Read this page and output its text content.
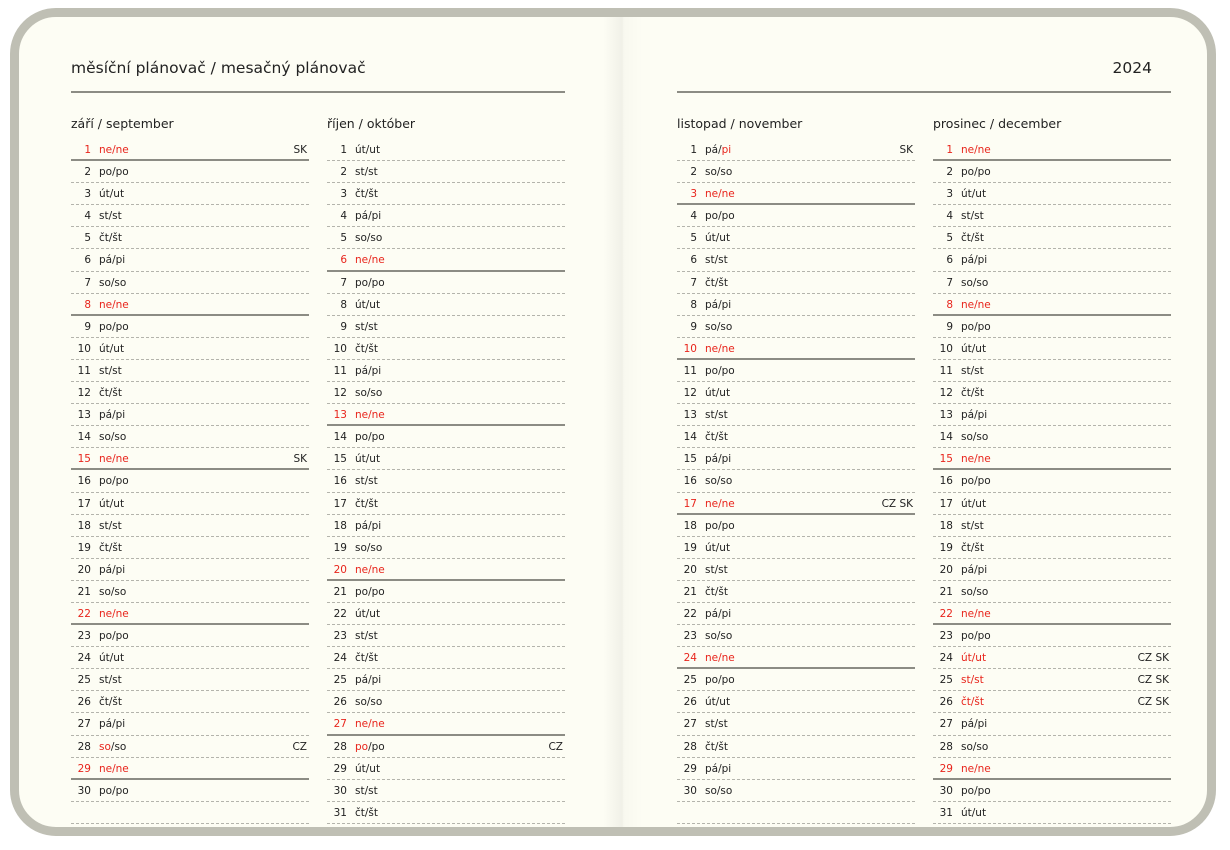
měsíční plánovač / mesačný plánovač	2024
září / september
1 ne/ne	SK
2 po/po
3 út/ut
4 st/st
5 čt/št
6 pá/pi
7 so/so
8 ne/ne
9 po/po
10 út/ut
11 st/st
12 čt/št
13 pá/pi
14 so/so
15 ne/ne	SK
16 po/po
17 út/ut
18 st/st
19 čt/št
20 pá/pi
21 so/so
22 ne/ne
23 po/po
24 út/ut
25 st/st
26 čt/št
27 pá/pi
28 so/so	CZ
29 ne/ne
30 po/po
říjen / október
1 út/ut
2 st/st
3 čt/št
4 pá/pi
5 so/so
6 ne/ne
7 po/po
8 út/ut
9 st/st
10 čt/št
11 pá/pi
12 so/so
13 ne/ne
14 po/po
15 út/ut
16 st/st
17 čt/št
18 pá/pi
19 so/so
20 ne/ne
21 po/po
22 út/ut
23 st/st
24 čt/št
25 pá/pi
26 so/so
27 ne/ne
28 po/po	CZ
29 út/ut
30 st/st
31 čt/št
listopad / november
1 pá/pi	SK
2 so/so
3 ne/ne
4 po/po
5 út/ut
6 st/st
7 čt/št
8 pá/pi
9 so/so
10 ne/ne
11 po/po
12 út/ut
13 st/st
14 čt/št
15 pá/pi
16 so/so
17 ne/ne	CZ SK
18 po/po
19 út/ut
20 st/st
21 čt/št
22 pá/pi
23 so/so
24 ne/ne
25 po/po
26 út/ut
27 st/st
28 čt/št
29 pá/pi
30 so/so
prosinec / december
1 ne/ne
2 po/po
3 út/ut
4 st/st
5 čt/št
6 pá/pi
7 so/so
8 ne/ne
9 po/po
10 út/ut
11 st/st
12 čt/št
13 pá/pi
14 so/so
15 ne/ne
16 po/po
17 út/ut
18 st/st
19 čt/št
20 pá/pi
21 so/so
22 ne/ne
23 po/po
24 út/ut	CZ SK
25 st/st	CZ SK
26 čt/št	CZ SK
27 pá/pi
28 so/so
29 ne/ne
30 po/po
31 út/ut
